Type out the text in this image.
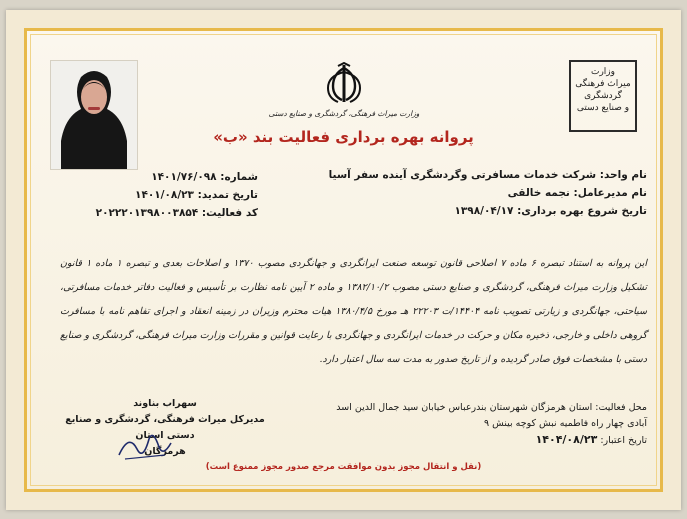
وزارت میراث فرهنگی، گردشگری و صنایع دستی
وزارت
میراث فرهنگی
گردشگری
و صنایع دستی
پروانه بهره برداری فعالیت بند «ب»
نام واحد: شرکت خدمات مسافرتی وگردشگری آینده سفر آسیا
نام مدیرعامل: نجمه خالقی
تاریخ شروع بهره برداری: ۱۳۹۸/۰۴/۱۷
شماره: ۱۴۰۱/۷۶/۰۹۸
تاریخ تمدید: ۱۴۰۱/۰۸/۲۳
کد فعالیت: ۲۰۲۲۲۰۱۳۹۸۰۰۳۸۵۴

این پروانه به استناد تبصره ۶ ماده ۷ اصلاحی قانون توسعه صنعت ایرانگردی و جهانگردی مصوب ۱۳۷۰ و اصلاحات بعدی و تبصره ۱ ماده ۱ قانون تشکیل وزارت میراث فرهنگی، گردشگری و صنایع دستی مصوب ۱۳۸۲/۱۰/۲ و ماده ۲ آیین نامه نظارت بر تأسیس و فعالیت دفاتر خدمات مسافرتی، سیاحتی، جهانگردی و زیارتی تصویب نامه ۱۴۴۰۴/ت ۲۲۲۰۳ هـ مورخ ۱۳۸۰/۴/۵ هیات محترم وزیران در زمینه انعقاد و اجرای تفاهم نامه با مسافرت گروهی داخلی و خارجی، ذخیره مکان و حرکت در خدمات ایرانگردی و جهانگردی با رعایت قوانین و مقررات وزارت میراث فرهنگی، گردشگری و صنایع دستی با مشخصات فوق صادر گردیده و از تاریخ صدور به مدت سه سال اعتبار دارد.

محل فعالیت: استان هرمزگان شهرستان بندرعباس خیابان سید جمال الدین اسد
آبادی چهار راه فاطمیه نبش کوچه بینش ۹
تاریخ اعتبار: ۱۴۰۴/۰۸/۲۳
سهراب بناوند
مدیرکل میراث فرهنگی، گردشگری و صنایع دستی استان
هرمزگان
(نقل و انتقال مجوز بدون موافقت مرجع صدور مجوز ممنوع است)
